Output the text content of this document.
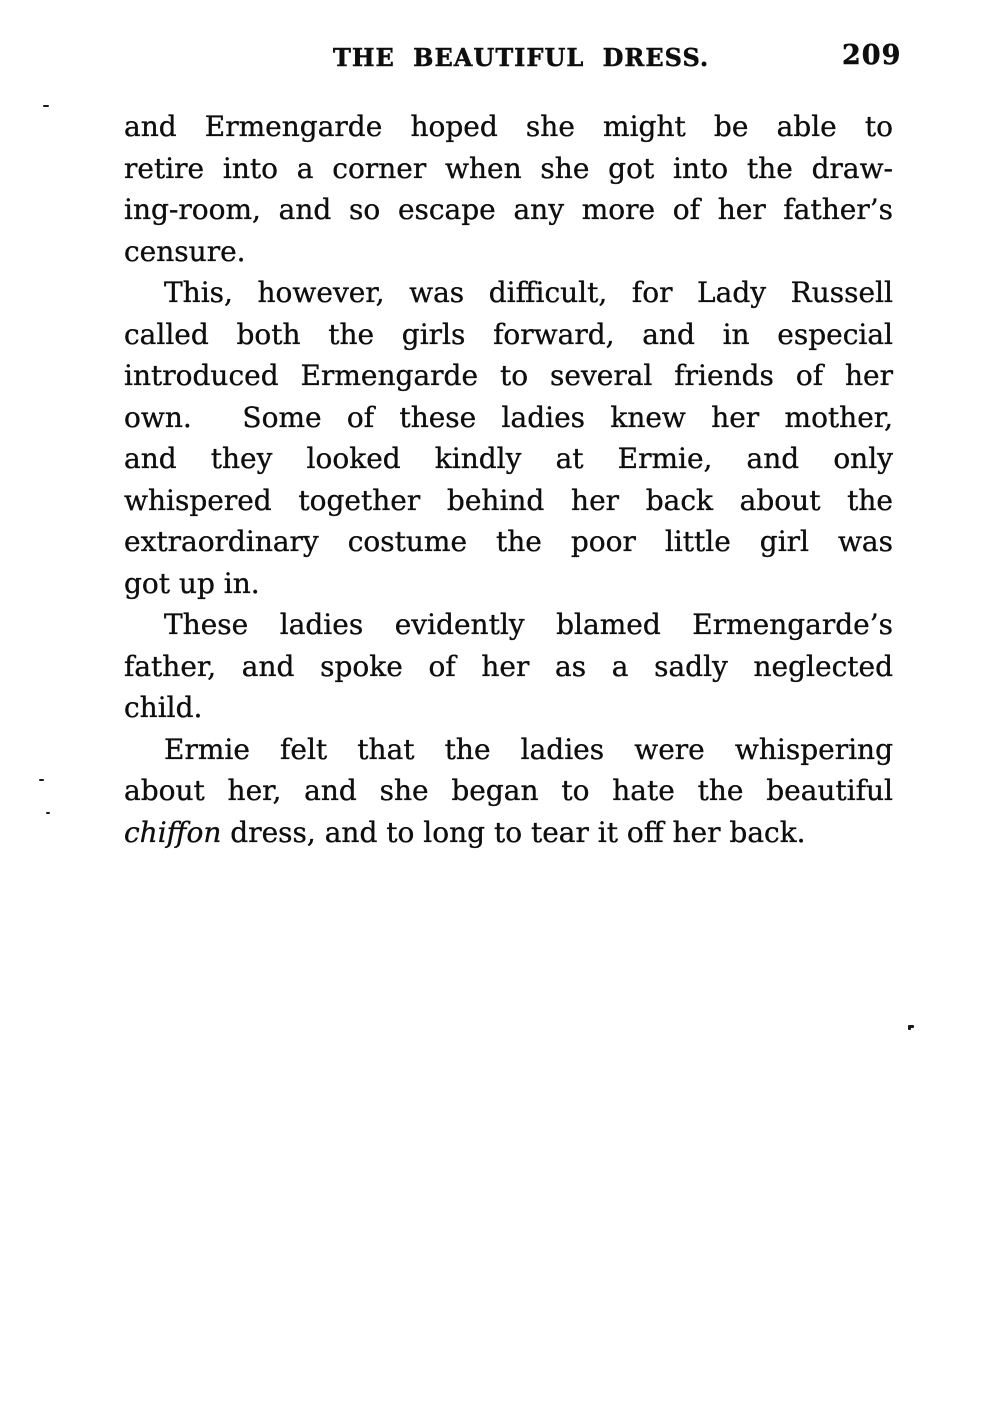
THE BEAUTIFUL DRESS.	209
and Ermengarde hoped she might be able to
retire into a corner when she got into the draw-
ing-room, and so escape any more of her father’s
censure.
This, however, was difficult, for Lady Russell
called both the girls forward, and in especial
introduced Ermengarde to several friends of her
own.  Some of these ladies knew her mother,
and they looked kindly at Ermie, and only
whispered together behind her back about the
extraordinary costume the poor little girl was
got up in.
These ladies evidently blamed Ermengarde’s
father, and spoke of her as a sadly neglected
child.
Ermie felt that the ladies were whispering
about her, and she began to hate the beautiful
chiffon dress, and to long to tear it off her back.
